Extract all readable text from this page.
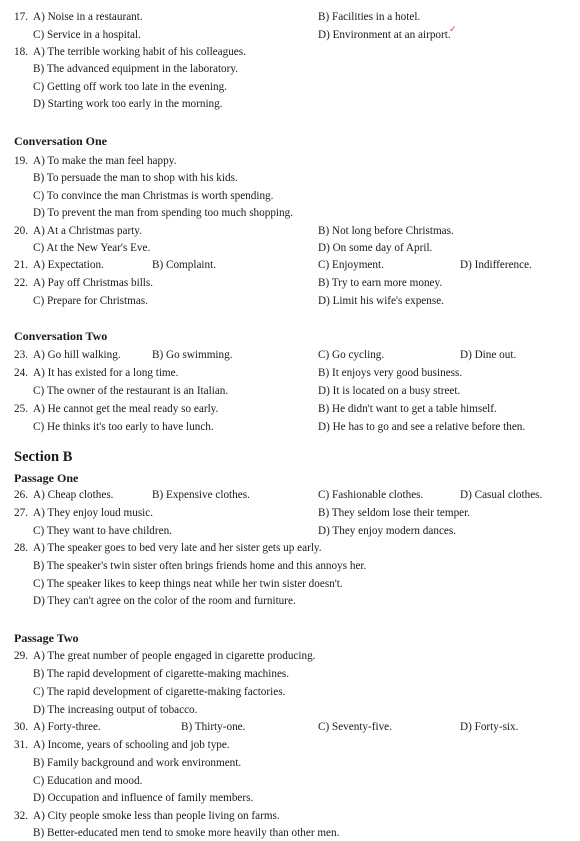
17. A) Noise in a restaurant.	B) Facilities in a hotel.
C) Service in a hospital.	D) Environment at an airport.
✓
18. A) The terrible working habit of his colleagues.
B) The advanced equipment in the laboratory.
C) Getting off work too late in the evening.
D) Starting work too early in the morning.
Conversation One
19. A) To make the man feel happy.
B) To persuade the man to shop with his kids.
C) To convince the man Christmas is worth spending.
D) To prevent the man from spending too much shopping.
20. A) At a Christmas party.	B) Not long before Christmas.
C) At the New Year's Eve.	D) On some day of April.
21. A) Expectation.	B) Complaint.	C) Enjoyment.	D) Indifference.
22. A) Pay off Christmas bills.	B) Try to earn more money.
C) Prepare for Christmas.	D) Limit his wife's expense.
Conversation Two
23. A) Go hill walking.	B) Go swimming.	C) Go cycling.	D) Dine out.
24. A) It has existed for a long time.	B) It enjoys very good business.
C) The owner of the restaurant is an Italian.	D) It is located on a busy street.
25. A) He cannot get the meal ready so early.	B) He didn't want to get a table himself.
C) He thinks it's too early to have lunch.	D) He has to go and see a relative before then.
Section B
Passage One
26. A) Cheap clothes.	B) Expensive clothes.	C) Fashionable clothes.	D) Casual clothes.
27. A) They enjoy loud music.	B) They seldom lose their temper.
C) They want to have children.	D) They enjoy modern dances.
28. A) The speaker goes to bed very late and her sister gets up early.
B) The speaker's twin sister often brings friends home and this annoys her.
C) The speaker likes to keep things neat while her twin sister doesn't.
D) They can't agree on the color of the room and furniture.
Passage Two
29. A) The great number of people engaged in cigarette producing.
B) The rapid development of cigarette-making machines.
C) The rapid development of cigarette-making factories.
D) The increasing output of tobacco.
30. A) Forty-three.	B) Thirty-one.	C) Seventy-five.	D) Forty-six.
31. A) Income, years of schooling and job type.
B) Family background and work environment.
C) Education and mood.
D) Occupation and influence of family members.
32. A) City people smoke less than people living on farms.
B) Better-educated men tend to smoke more heavily than other men.
